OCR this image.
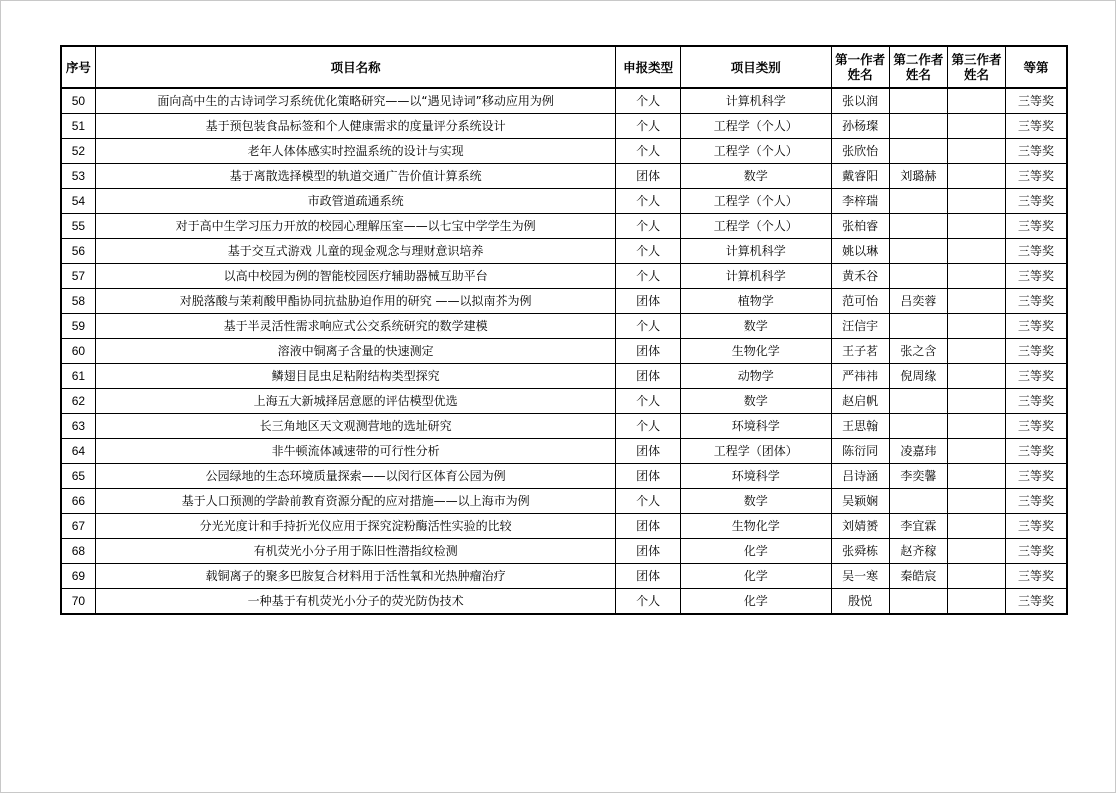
序号	项目名称	申报类型	项目类别	第一作者姓名	第二作者姓名	第三作者姓名	等第
50	面向高中生的古诗词学习系统优化策略研究——以“遇见诗词”移动应用为例	个人	计算机科学	张以润			三等奖
51	基于预包装食品标签和个人健康需求的度量评分系统设计	个人	工程学（个人）	孙杨璨			三等奖
52	老年人体体感实时控温系统的设计与实现	个人	工程学（个人）	张欣怡			三等奖
53	基于离散选择模型的轨道交通广告价值计算系统	团体	数学	戴睿阳	刘璐赫		三等奖
54	市政管道疏通系统	个人	工程学（个人）	李梓瑞			三等奖
55	对于高中生学习压力开放的校园心理解压室——以七宝中学学生为例	个人	工程学（个人）	张柏睿			三等奖
56	基于交互式游戏 儿童的现金观念与理财意识培养	个人	计算机科学	姚以琳			三等奖
57	以高中校园为例的智能校园医疗辅助器械互助平台	个人	计算机科学	黄禾谷			三等奖
58	对脱落酸与茉莉酸甲酯协同抗盐胁迫作用的研究 ——以拟南芥为例	团体	植物学	范可怡	吕奕蓉		三等奖
59	基于半灵活性需求响应式公交系统研究的数学建模	个人	数学	汪信宇			三等奖
60	溶液中铜离子含量的快速测定	团体	生物化学	王子茗	张之含		三等奖
61	鳞翅目昆虫足粘附结构类型探究	团体	动物学	严祎祎	倪周缘		三等奖
62	上海五大新城择居意愿的评估模型优选	个人	数学	赵启帆			三等奖
63	长三角地区天文观测营地的选址研究	个人	环境科学	王思翰			三等奖
64	非牛顿流体减速带的可行性分析	团体	工程学（团体）	陈衍同	凌嘉玮		三等奖
65	公园绿地的生态环境质量探索——以闵行区体育公园为例	团体	环境科学	吕诗涵	李奕馨		三等奖
66	基于人口预测的学龄前教育资源分配的应对措施——以上海市为例	个人	数学	吴颖娴			三等奖
67	分光光度计和手持折光仪应用于探究淀粉酶活性实验的比较	团体	生物化学	刘婧赟	李宜霖		三等奖
68	有机荧光小分子用于陈旧性潜指纹检测	团体	化学	张舜栋	赵齐稼		三等奖
69	载铜离子的聚多巴胺复合材料用于活性氧和光热肿瘤治疗	团体	化学	吴一寒	秦皓宸		三等奖
70	一种基于有机荧光小分子的荧光防伪技术	个人	化学	殷悦			三等奖
